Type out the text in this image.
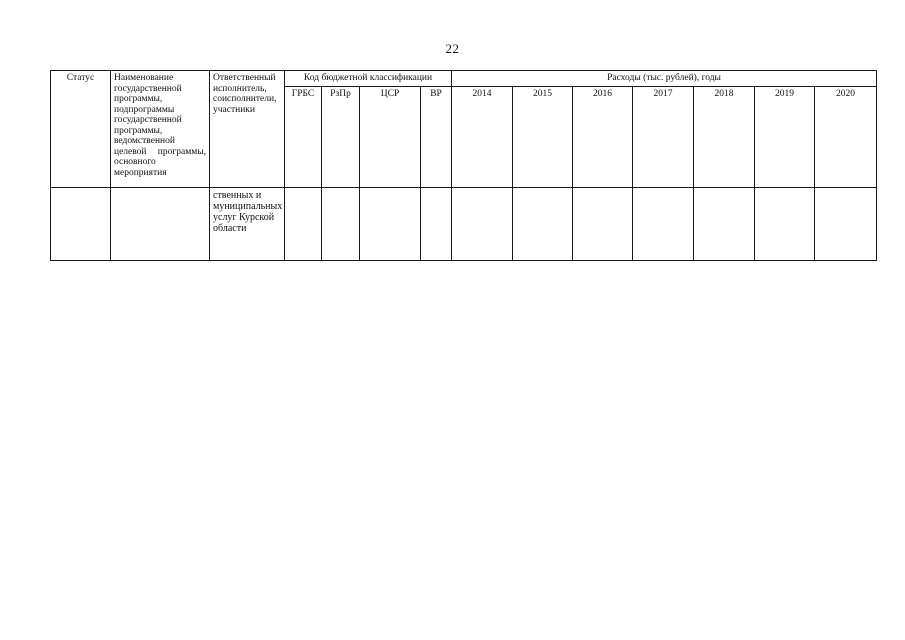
22
Статус	Наименование государственной программы, подпрограммы государственной программы, ведомственной целевой программы, основного мероприятия	Ответственный исполнитель, соисполнители, участники	Код бюджетной классификации				Расходы (тыс. рублей), годы						
			ГРБС	РзПр	ЦСР	ВР	2014	2015	2016	2017	2018	2019	2020
		ственных и муниципальных услуг Курской области											
